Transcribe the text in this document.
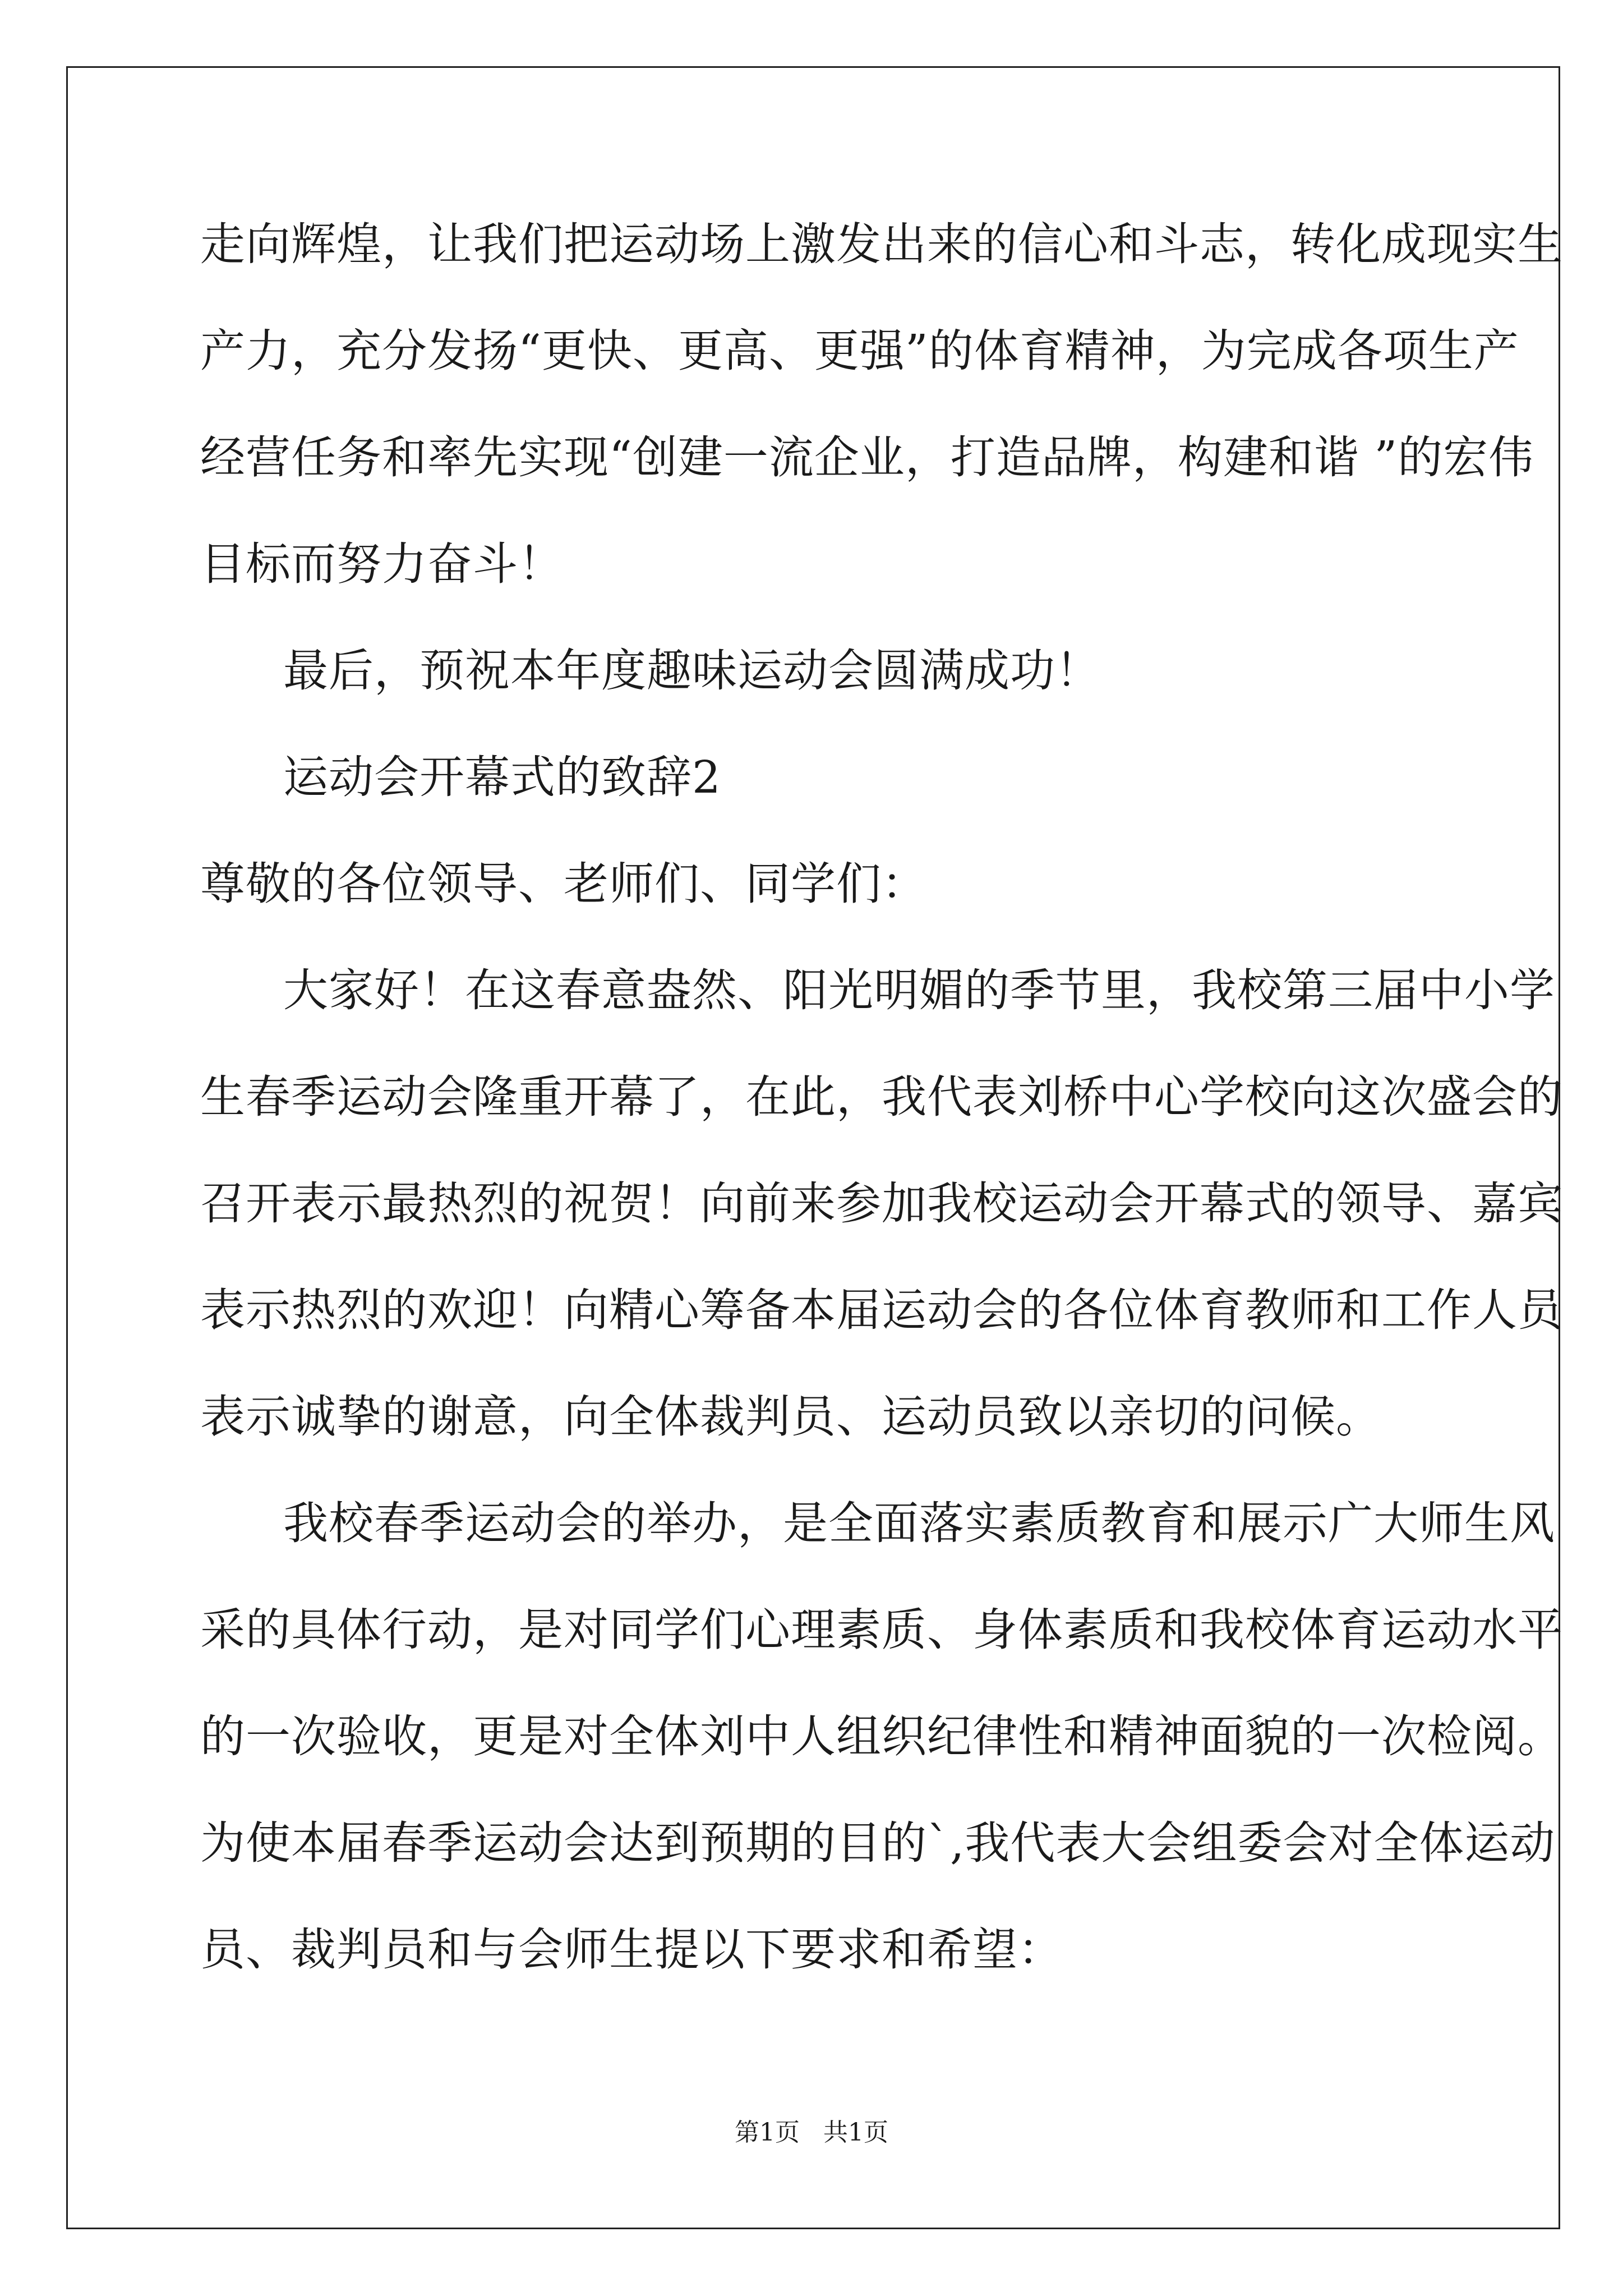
走向辉煌，让我们把运动场上激发出来的信心和斗志，转化成现实生
产力，充分发扬“更快、更高、更强”的体育精神，为完成各项生产
经营任务和率先实现“创建一流企业，打造品牌，构建和谐 ”的宏伟
目标而努力奋斗！
最后，预祝本年度趣味运动会圆满成功！
运动会开幕式的致辞2
尊敬的各位领导、老师们、同学们：
大家好！在这春意盎然、阳光明媚的季节里，我校第三届中小学
生春季运动会隆重开幕了，在此，我代表刘桥中心学校向这次盛会的
召开表示最热烈的祝贺！向前来参加我校运动会开幕式的领导、嘉宾
表示热烈的欢迎！向精心筹备本届运动会的各位体育教师和工作人员
表示诚挚的谢意，向全体裁判员、运动员致以亲切的问候。
我校春季运动会的举办，是全面落实素质教育和展示广大师生风
采的具体行动，是对同学们心理素质、身体素质和我校体育运动水平
的一次验收，更是对全体刘中人组织纪律性和精神面貌的一次检阅。
为使本届春季运动会达到预期的目的`,我代表大会组委会对全体运动
员、裁判员和与会师生提以下要求和希望：
第1页   共1页
